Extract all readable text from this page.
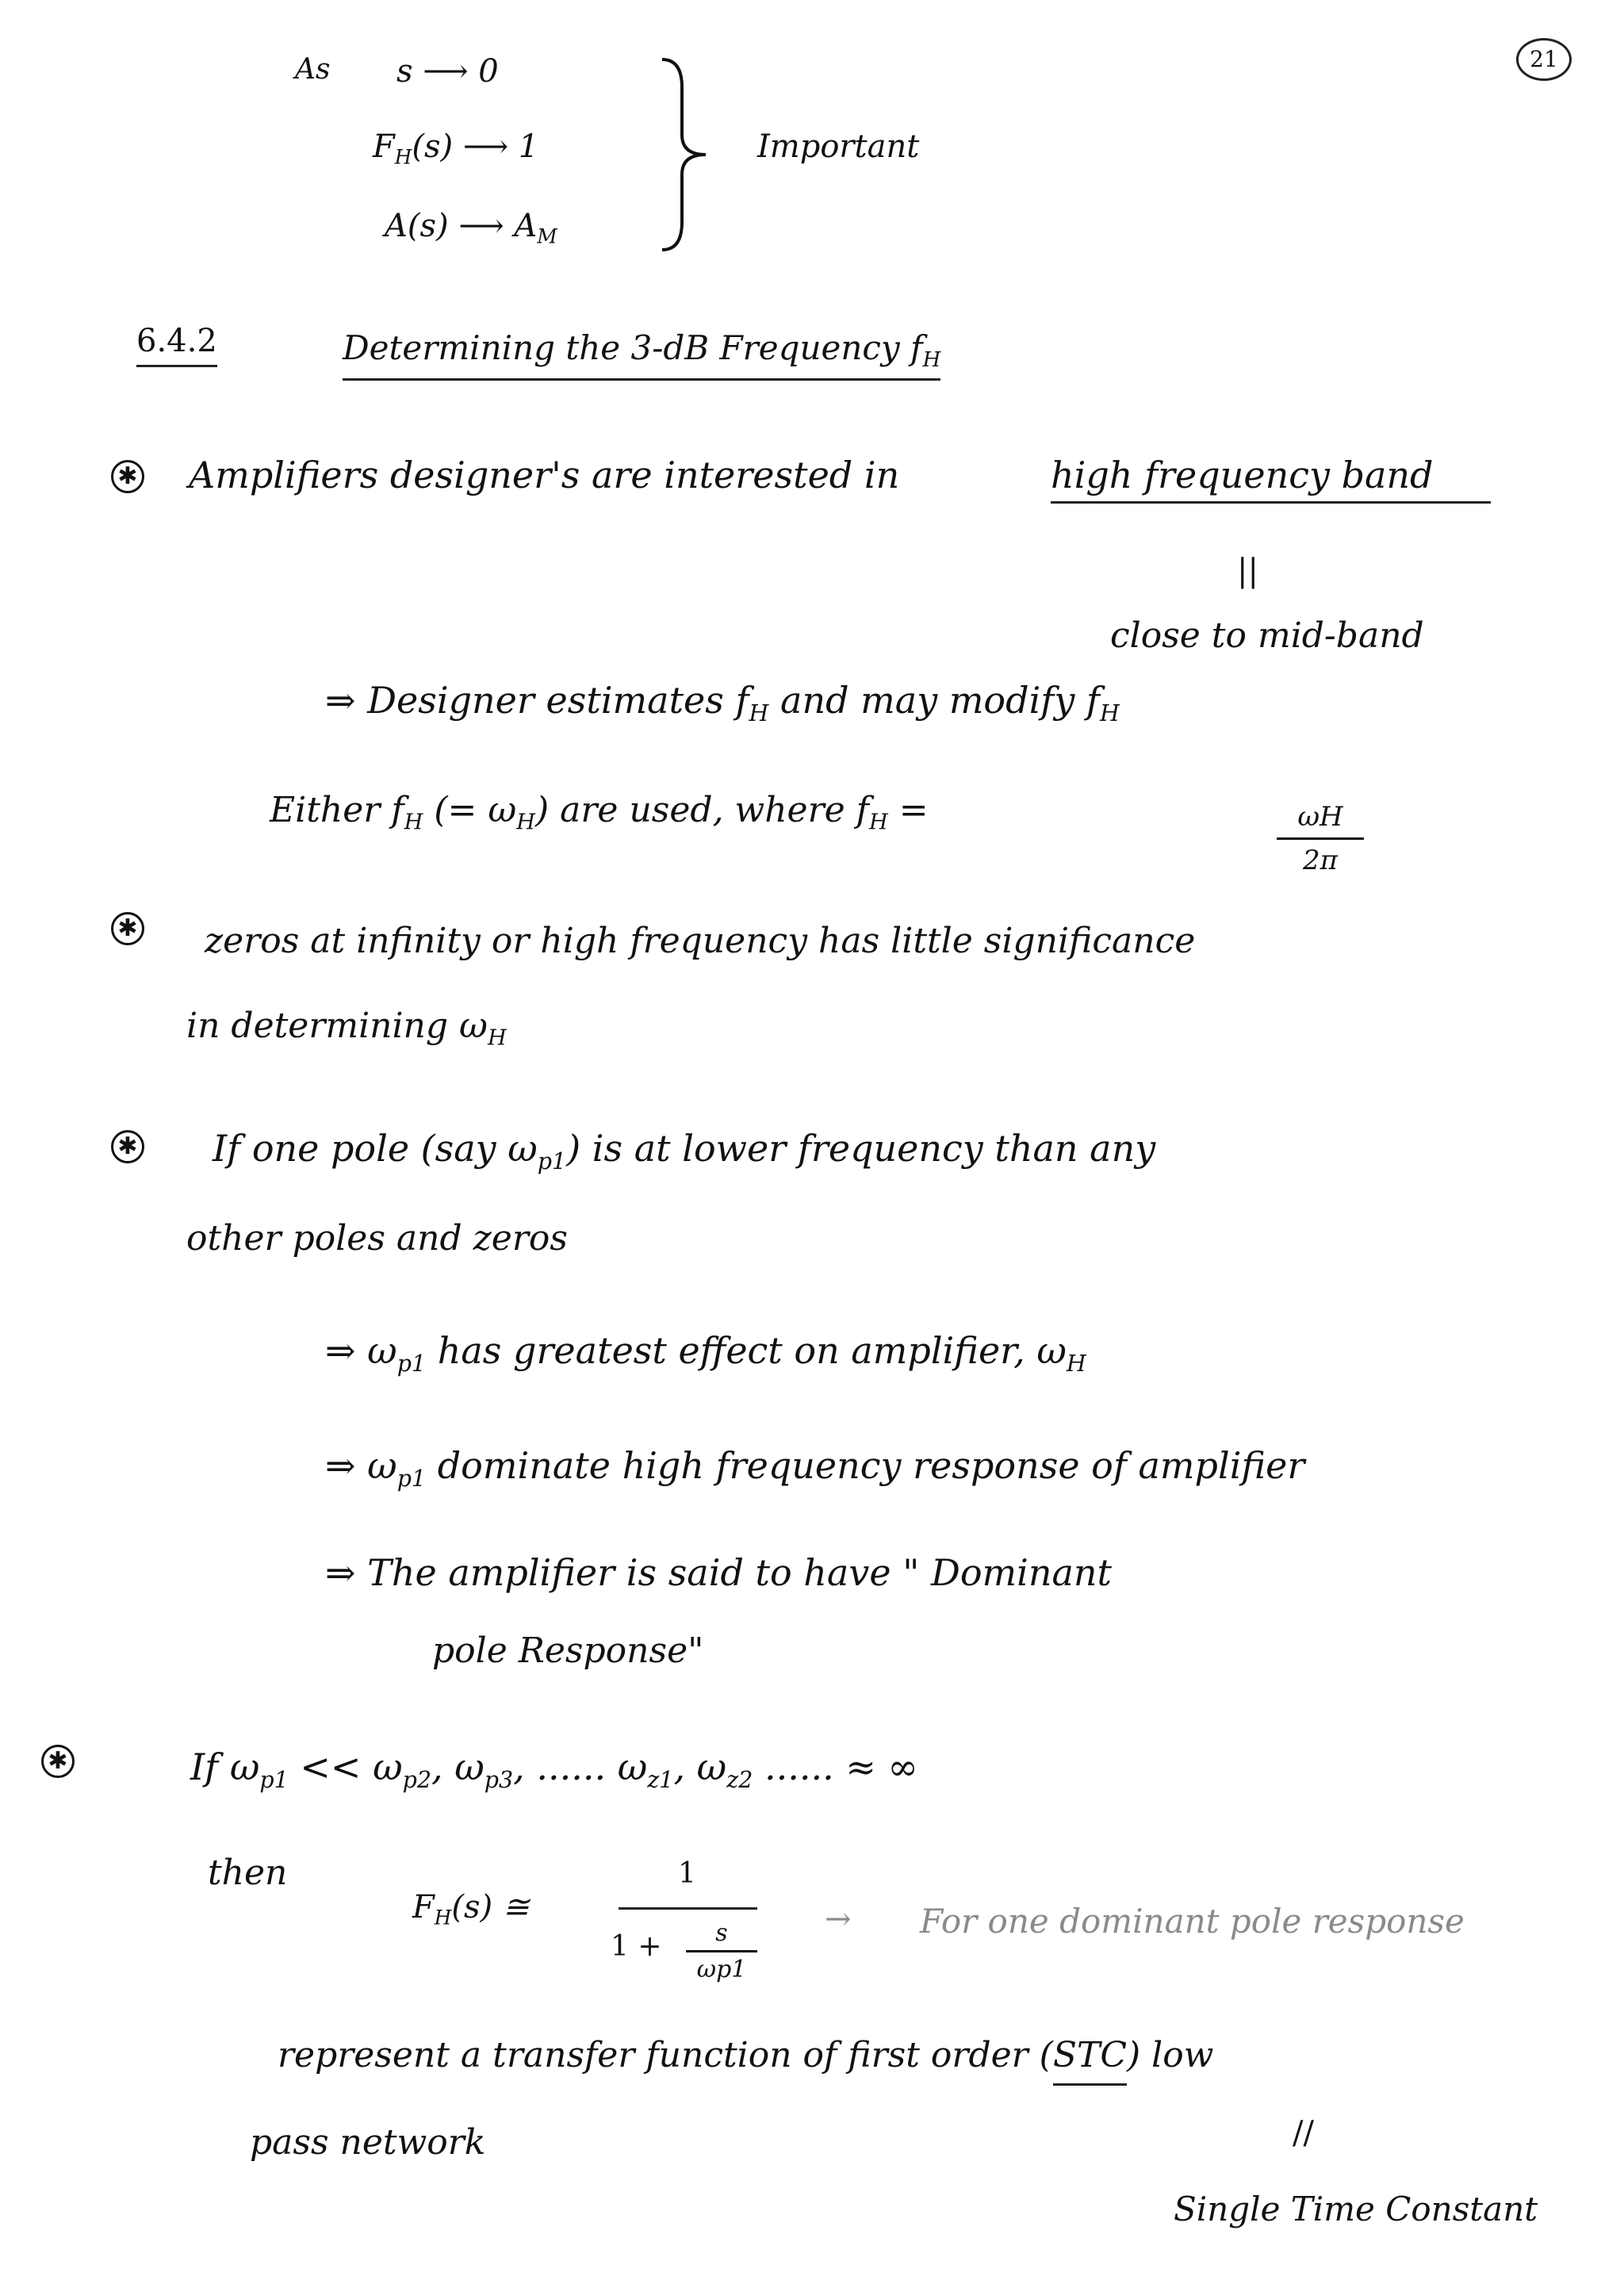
21
As s ⟶ 0
$F_H(s)$ ⟶ 1
A(s) ⟶ $A_M$
Important
6.4.2	Determining the 3-dB Frequency $f_H$
✱ Amplifiers designer's are interested in	high frequency band
||
close to mid-band
⇒ Designer estimates $f_H$ and may modify $f_H$
Either $f_H$ (= $\omega_H$) are used, where $f_H$ =	$\frac{\omega H}{2\pi}$
✱ zeros at infinity or high frequency has little significance
in determining $\omega_H$
✱ If one pole (say $\omega_{p1}$) is at lower frequency than any
other poles and zeros
⇒ $\omega_{p1}$ has greatest effect on amplifier, $\omega_H$
⇒ $\omega_{p1}$ dominate high frequency response of amplifier
⇒ The amplifier is said to have " Dominant
pole Response"
✱	If $\omega_{p1} << \omega_{p2}$, $\omega_{p3}$, ...... $\omega_{z1}$, $\omega_{z2}$ ...... ≈ ∞
then
$F_H(s)$ ≅
1
$1 + \frac{s}{\omega p1}$ → For one dominant pole response
represent a transfer function of first order (STC) low
pass network	//
Single Time Constant
